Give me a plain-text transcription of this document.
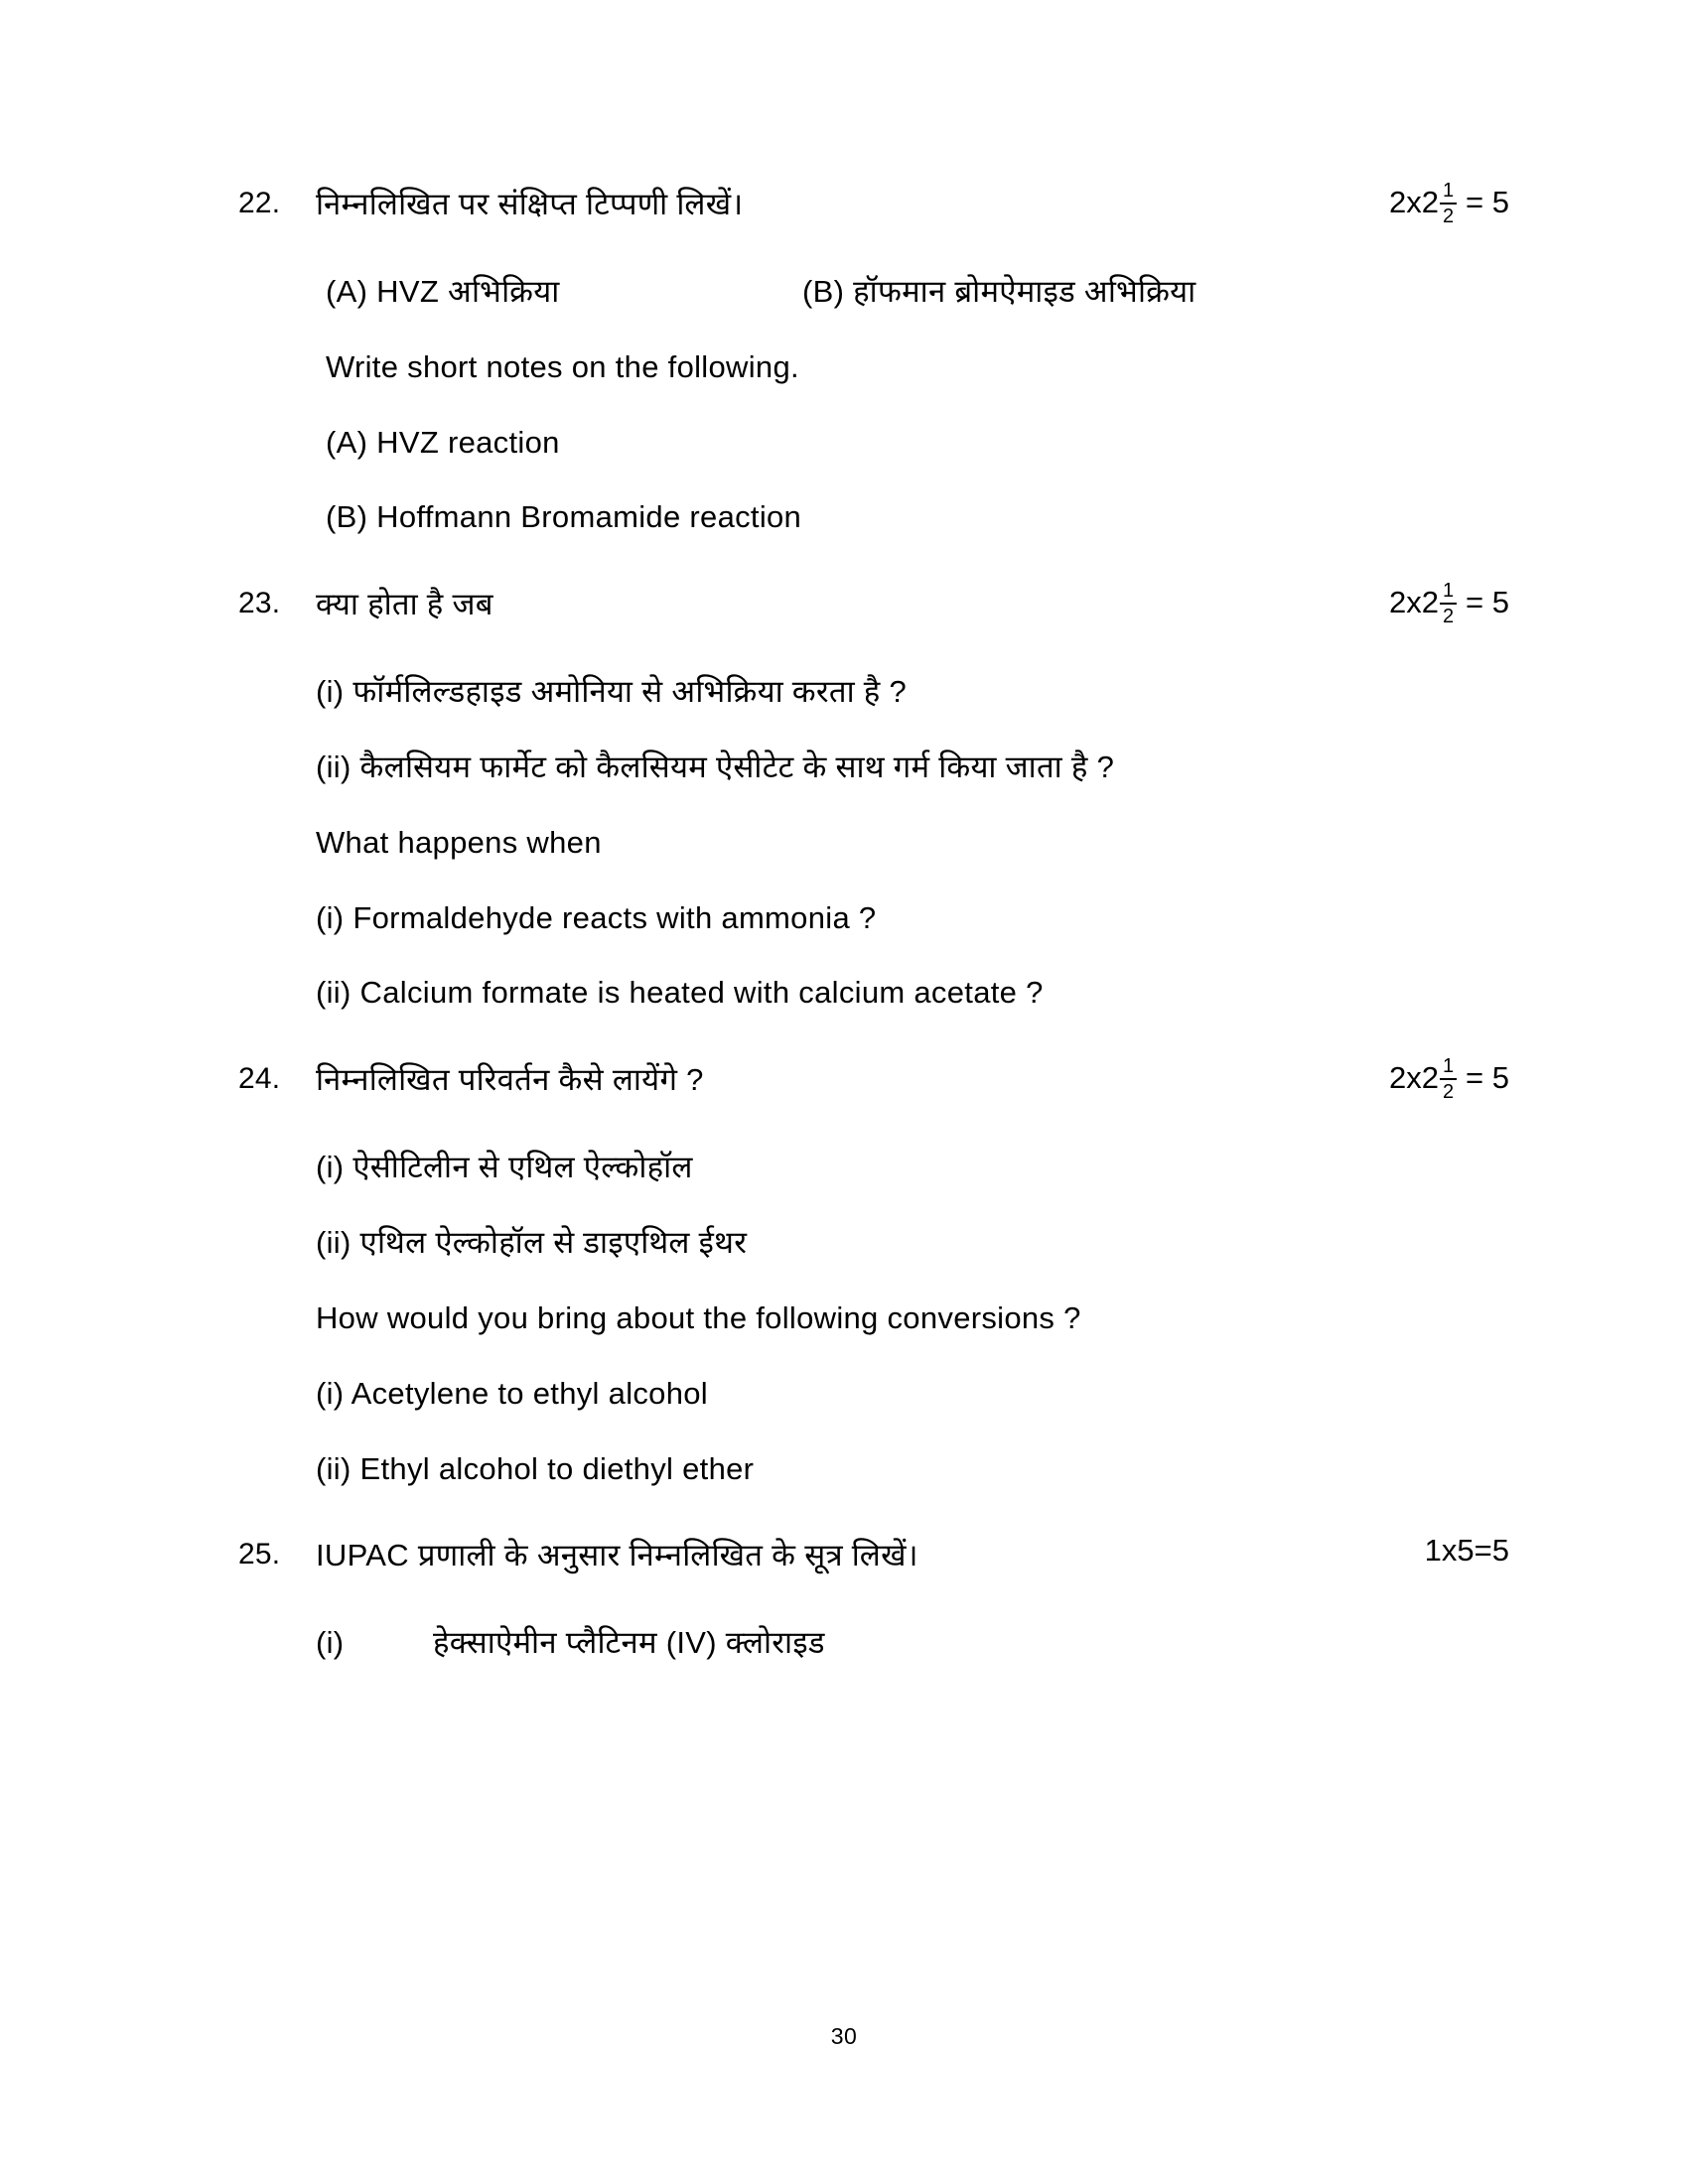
22.	निम्नलिखित पर संक्षिप्त टिप्पणी लिखें।	$2x2 \frac{1}{2} = 5$
(A) HVZ अभिक्रिया	(B) हॉफमान ब्रोमऐमाइड अभिक्रिया
Write short notes on the following.
(A) HVZ reaction
(B) Hoffmann Bromamide reaction
23.	क्या होता है जब	$2x2 \frac{1}{2} = 5$
(i) फॉर्मलिल्डहाइड अमोनिया से अभिक्रिया करता है ?
(ii) कैलसियम फार्मेट को कैलसियम ऐसीटेट के साथ गर्म किया जाता है ?
What happens when
(i) Formaldehyde reacts with ammonia ?
(ii) Calcium formate is heated with calcium acetate ?
24.	निम्नलिखित परिवर्तन कैसे लायेंगे ?	$2x2 \frac{1}{2} = 5$
(i) ऐसीटिलीन से एथिल ऐल्कोहॉल
(ii) एथिल ऐल्कोहॉल से डाइएथिल ईथर
How would you bring about the following conversions ?
(i) Acetylene to ethyl alcohol
(ii) Ethyl alcohol to diethyl ether
25.	IUPAC प्रणाली के अनुसार निम्नलिखित के सूत्र लिखें।	1x5=5
(i)	हेक्साऐमीन प्लैटिनम (IV) क्लोराइड
30
